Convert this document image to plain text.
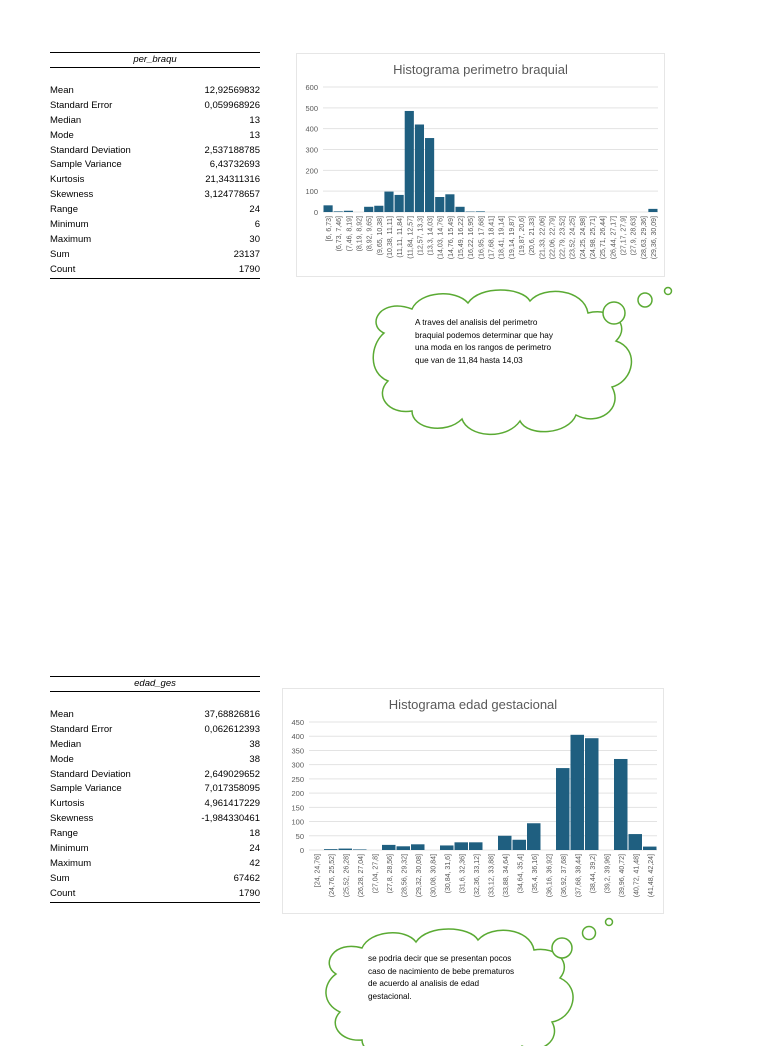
per_braqu
Mean	12,92569832
Standard Error	0,059968926
Median	13
Mode	13
Standard Deviation	2,537188785
Sample Variance	6,43732693
Kurtosis	21,34311316
Skewness	3,124778657
Range	24
Minimum	6
Maximum	30
Sum	23137
Count	1790
Histograma perimetro braquial
0
100
200
300
400
500
600
[6, 6,73] (6,73, 7,46] (7,46, 8,19] (8,19, 8,92] (8,92, 9,65] (9,65, 10,38] (10,38, 11,11] (11,11, 11,84] (11,84, 12,57] (12,57, 13,3] (13,3, 14,03] (14,03, 14,76] (14,76, 15,49] (15,49, 16,22] (16,22, 16,95] (16,95, 17,68] (17,68, 18,41] (18,41, 19,14] (19,14, 19,87] (19,87, 20,6] (20,6, 21,33] (21,33, 22,06] (22,06, 22,79] (22,79, 23,52] (23,52, 24,25] (24,25, 24,98] (24,98, 25,71] (25,71, 26,44] (26,44, 27,17] (27,17, 27,9] (27,9, 28,63] (28,63, 29,36] (29,36, 30,09]
A traves del analisis del perimetro braquial podemos determinar que hay una moda en los rangos de perimetro que van de 11,84 hasta 14,03
edad_ges
Mean	37,68826816
Standard Error	0,062612393
Median	38
Mode	38
Standard Deviation	2,649029652
Sample Variance	7,017358095
Kurtosis	4,961417229
Skewness	-1,984330461
Range	18
Minimum	24
Maximum	42
Sum	67462
Count	1790
Histograma edad gestacional
0
50
100
150
200
250
300
350
400
450
[24, 24,76] (24,76, 25,52] (25,52, 26,28] (26,28, 27,04] (27,04, 27,8] (27,8, 28,56] (28,56, 29,32] (29,32, 30,08] (30,08, 30,84] (30,84, 31,6] (31,6, 32,36] (32,36, 33,12] (33,12, 33,88] (33,88, 34,64] (34,64, 35,4] (35,4, 36,16] (36,16, 36,92] (36,92, 37,68] (37,68, 38,44] (38,44, 39,2] (39,2, 39,96] (39,96, 40,72] (40,72, 41,48] (41,48, 42,24]
se podria decir que se presentan pocos caso de nacimiento de bebe prematuros de acuerdo al analisis de edad gestacional.
